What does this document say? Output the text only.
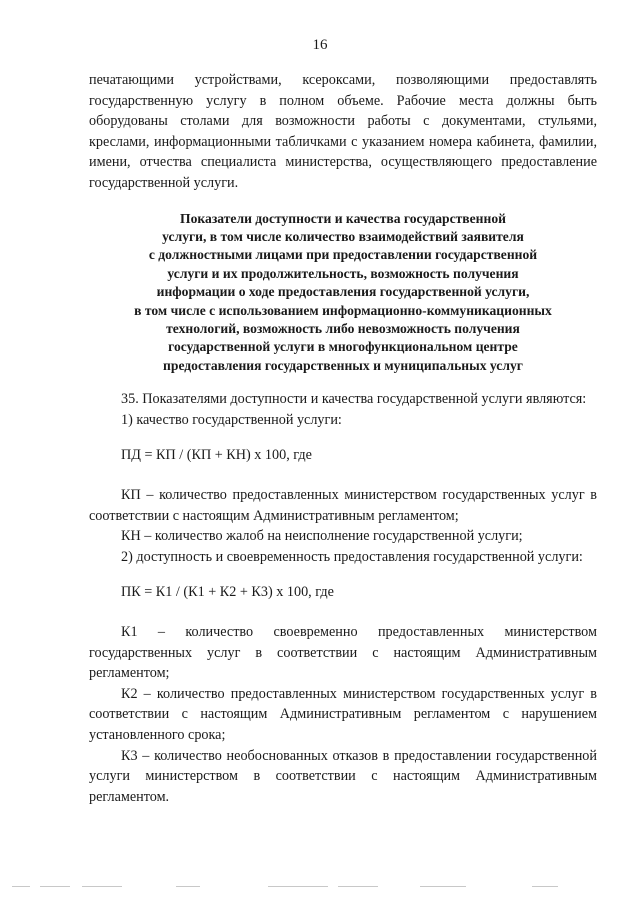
16

печатающими устройствами, ксероксами, позволяющими предоставлять государственную услугу в полном объеме. Рабочие места должны быть оборудованы столами для возможности работы с документами, стульями, креслами, информационными табличками с указанием номера кабинета, фамилии, имени, отчества специалиста министерства, осуществляющего предоставление государственной услуги.

Показатели доступности и качества государственной
услуги, в том числе количество взаимодействий заявителя
с должностными лицами при предоставлении государственной
услуги и их продолжительность, возможность получения
информации о ходе предоставления государственной услуги,
в том числе с использованием информационно-коммуникационных
технологий, возможность либо невозможность получения
государственной услуги в многофункциональном центре
предоставления государственных и муниципальных услуг

35. Показателями доступности и качества государственной услуги являются:

1) качество государственной услуги:

ПД = КП / (КП + КН) х 100, где

КП – количество предоставленных министерством государственных услуг в соответствии с настоящим Административным регламентом;

КН – количество жалоб на неисполнение государственной услуги;

2) доступность и своевременность предоставления государственной услуги:

ПК = К1 / (К1 + К2 + К3) х 100, где

К1 – количество своевременно предоставленных министерством государственных услуг в соответствии с настоящим Административным регламентом;

К2 – количество предоставленных министерством государственных услуг в соответствии с настоящим Административным регламентом с нарушением установленного срока;

К3 – количество необоснованных отказов в предоставлении государственной услуги министерством в соответствии с настоящим Административным регламентом.
